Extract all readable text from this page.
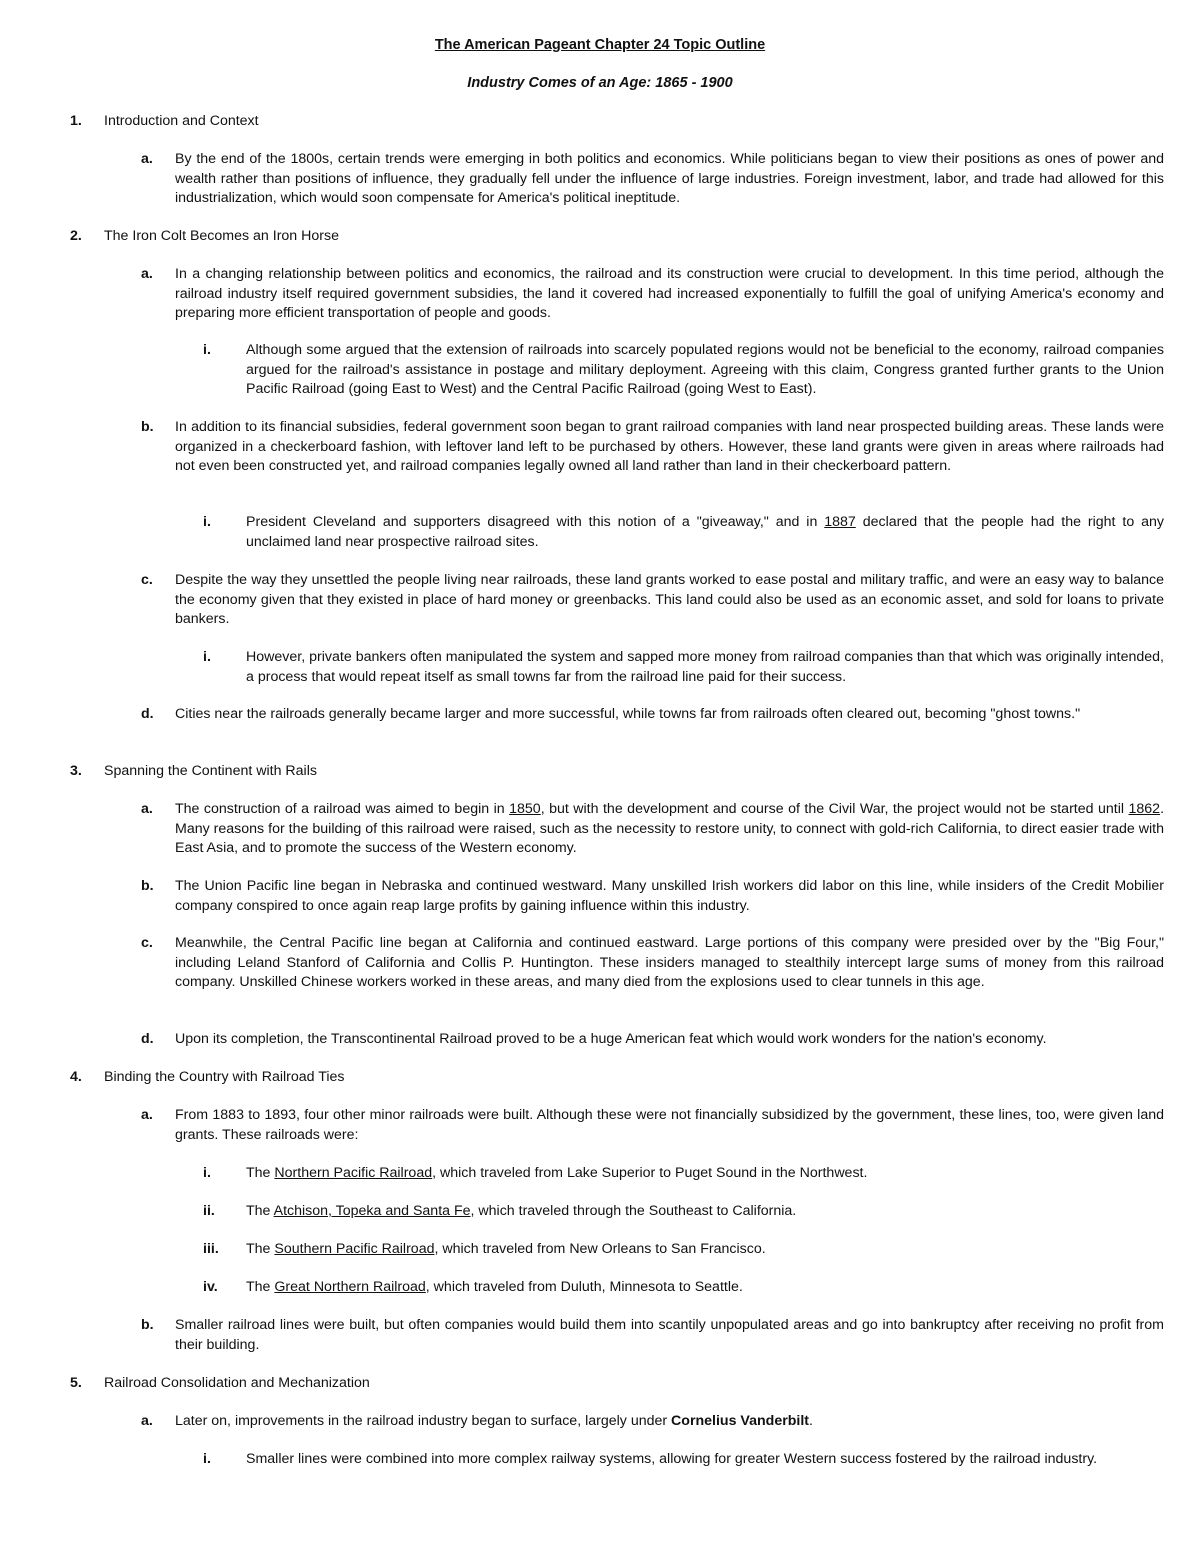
The American Pageant Chapter 24 Topic Outline
Industry Comes of an Age: 1865 - 1900
1. Introduction and Context
a. By the end of the 1800s, certain trends were emerging in both politics and economics. While politicians began to view their positions as ones of power and wealth rather than positions of influence, they gradually fell under the influence of large industries. Foreign investment, labor, and trade had allowed for this industrialization, which would soon compensate for America's political ineptitude.
2. The Iron Colt Becomes an Iron Horse
a. In a changing relationship between politics and economics, the railroad and its construction were crucial to development. In this time period, although the railroad industry itself required government subsidies, the land it covered had increased exponentially to fulfill the goal of unifying America's economy and preparing more efficient transportation of people and goods.
i. Although some argued that the extension of railroads into scarcely populated regions would not be beneficial to the economy, railroad companies argued for the railroad's assistance in postage and military deployment. Agreeing with this claim, Congress granted further grants to the Union Pacific Railroad (going East to West) and the Central Pacific Railroad (going West to East).
b. In addition to its financial subsidies, federal government soon began to grant railroad companies with land near prospected building areas. These lands were organized in a checkerboard fashion, with leftover land left to be purchased by others. However, these land grants were given in areas where railroads had not even been constructed yet, and railroad companies legally owned all land rather than land in their checkerboard pattern.
i. President Cleveland and supporters disagreed with this notion of a "giveaway," and in 1887 declared that the people had the right to any unclaimed land near prospective railroad sites.
c. Despite the way they unsettled the people living near railroads, these land grants worked to ease postal and military traffic, and were an easy way to balance the economy given that they existed in place of hard money or greenbacks. This land could also be used as an economic asset, and sold for loans to private bankers.
i. However, private bankers often manipulated the system and sapped more money from railroad companies than that which was originally intended, a process that would repeat itself as small towns far from the railroad line paid for their success.
d. Cities near the railroads generally became larger and more successful, while towns far from railroads often cleared out, becoming "ghost towns."
3. Spanning the Continent with Rails
a. The construction of a railroad was aimed to begin in 1850, but with the development and course of the Civil War, the project would not be started until 1862. Many reasons for the building of this railroad were raised, such as the necessity to restore unity, to connect with gold-rich California, to direct easier trade with East Asia, and to promote the success of the Western economy.
b. The Union Pacific line began in Nebraska and continued westward. Many unskilled Irish workers did labor on this line, while insiders of the Credit Mobilier company conspired to once again reap large profits by gaining influence within this industry.
c. Meanwhile, the Central Pacific line began at California and continued eastward. Large portions of this company were presided over by the "Big Four," including Leland Stanford of California and Collis P. Huntington. These insiders managed to stealthily intercept large sums of money from this railroad company. Unskilled Chinese workers worked in these areas, and many died from the explosions used to clear tunnels in this age.
d. Upon its completion, the Transcontinental Railroad proved to be a huge American feat which would work wonders for the nation's economy.
4. Binding the Country with Railroad Ties
a. From 1883 to 1893, four other minor railroads were built. Although these were not financially subsidized by the government, these lines, too, were given land grants. These railroads were:
i. The Northern Pacific Railroad, which traveled from Lake Superior to Puget Sound in the Northwest.
ii. The Atchison, Topeka and Santa Fe, which traveled through the Southeast to California.
iii. The Southern Pacific Railroad, which traveled from New Orleans to San Francisco.
iv. The Great Northern Railroad, which traveled from Duluth, Minnesota to Seattle.
b. Smaller railroad lines were built, but often companies would build them into scantily unpopulated areas and go into bankruptcy after receiving no profit from their building.
5. Railroad Consolidation and Mechanization
a. Later on, improvements in the railroad industry began to surface, largely under Cornelius Vanderbilt.
i. Smaller lines were combined into more complex railway systems, allowing for greater Western success fostered by the railroad industry.
